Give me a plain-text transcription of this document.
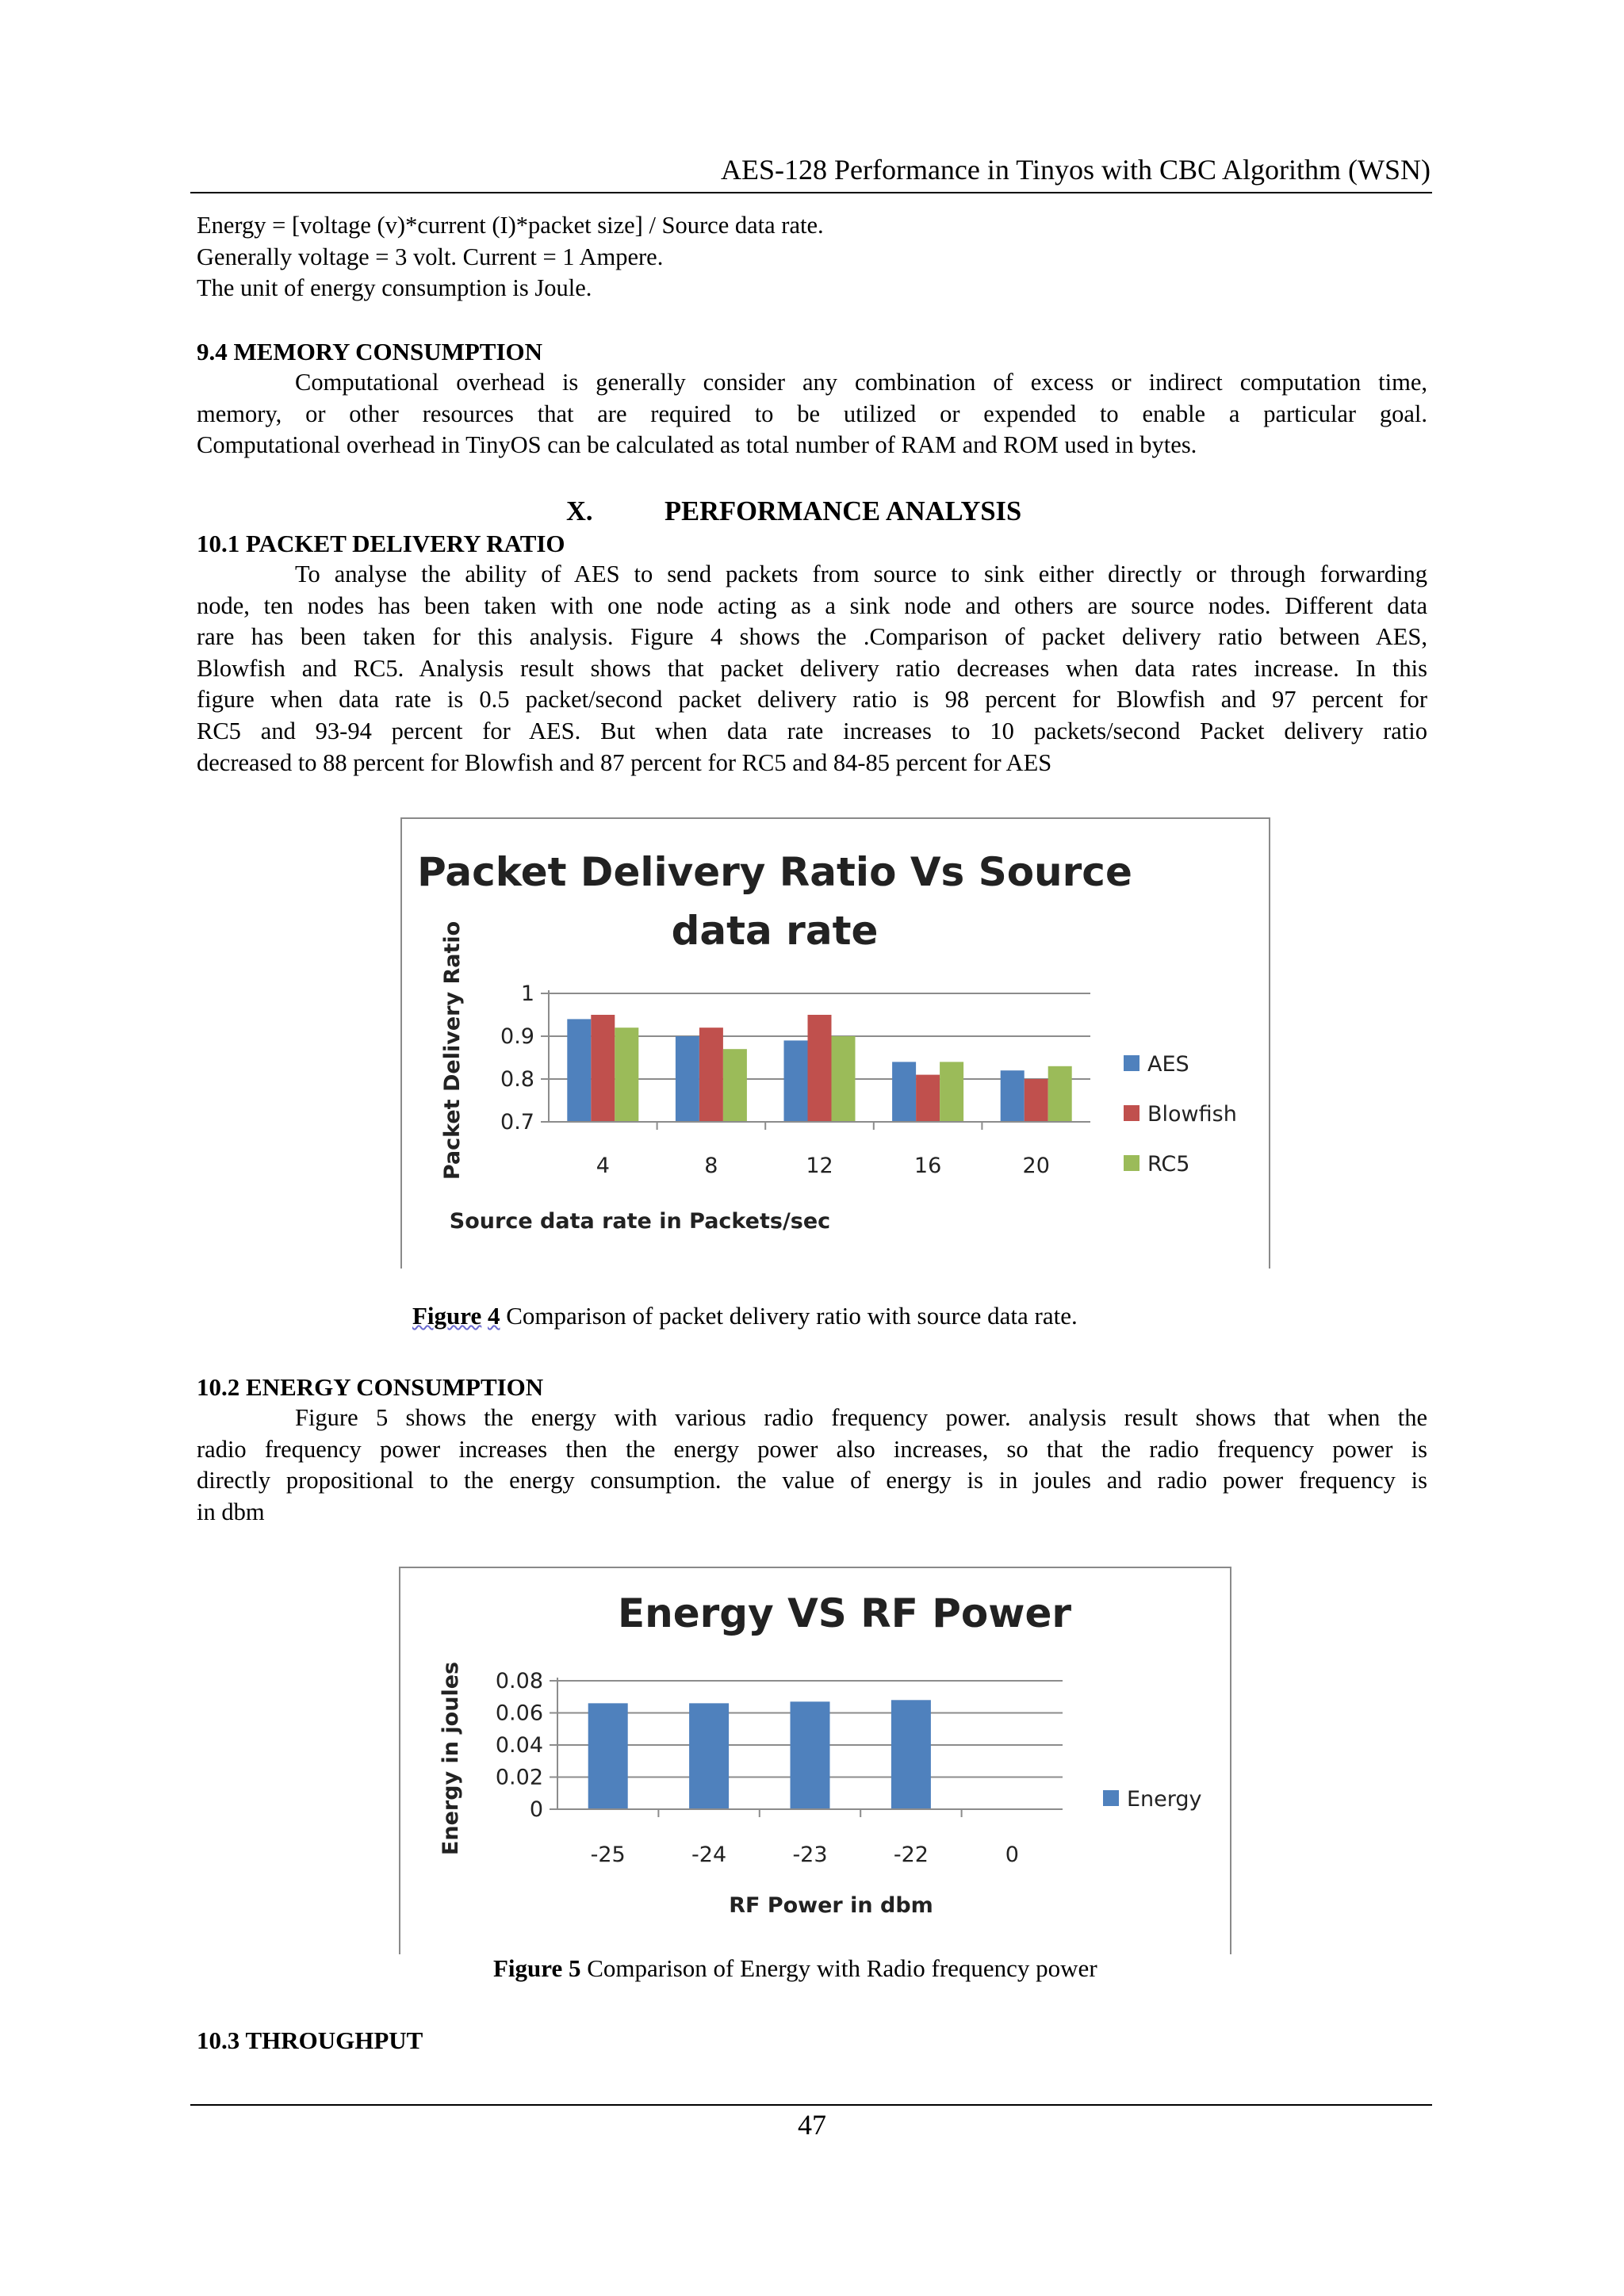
AES-128 Performance in Tinyos with CBC Algorithm (WSN)
Energy = [voltage (v)*current (I)*packet size] / Source data rate.
Generally voltage = 3 volt. Current = 1 Ampere.
The unit of energy consumption is Joule.
9.4 MEMORY CONSUMPTION
Computational overhead is generally consider any combination of excess or indirect computation time,
memory, or other resources that are required to be utilized or expended to enable a particular goal.
Computational overhead in TinyOS can be calculated as total number of RAM and ROM used in bytes.
X.	PERFORMANCE ANALYSIS
10.1 PACKET DELIVERY RATIO
To analyse the ability of AES to send packets from source to sink either directly or through forwarding
node, ten nodes has been taken with one node acting as a sink node and others are source nodes. Different data
rare has been taken for this analysis. Figure 4 shows the .Comparison of packet delivery ratio between AES,
Blowfish and RC5. Analysis result shows that packet delivery ratio decreases when data rates increase. In this
figure when data rate is 0.5 packet/second packet delivery ratio is 98 percent for Blowfish and 97 percent for
RC5 and 93-94 percent for AES. But when data rate increases to 10 packets/second Packet delivery ratio
decreased to 88 percent for Blowfish and 87 percent for RC5 and 84-85 percent for AES
Packet Delivery Ratio Vs Source
data rate
0.7
0.8
0.9
1
4	8	12	16	20
Source data rate in Packets/sec
Packet Delivery Ratio	AES
Blowfish
RC5
Figure 4 Comparison of packet delivery ratio with source data rate.
10.2 ENERGY CONSUMPTION
Figure 5 shows the energy with various radio frequency power. analysis result shows that when the
radio frequency power increases then the energy power also increases, so that the radio frequency power is
directly propositional to the energy consumption. the value of energy is in joules and radio power frequency is
in dbm
Energy VS RF Power
0
0.02
0.04
0.06
0.08
-25	-24	-23	-22	0
RF Power in dbm
Energy in joules	Energy
Figure 5 Comparison of Energy with Radio frequency power
10.3 THROUGHPUT
47
